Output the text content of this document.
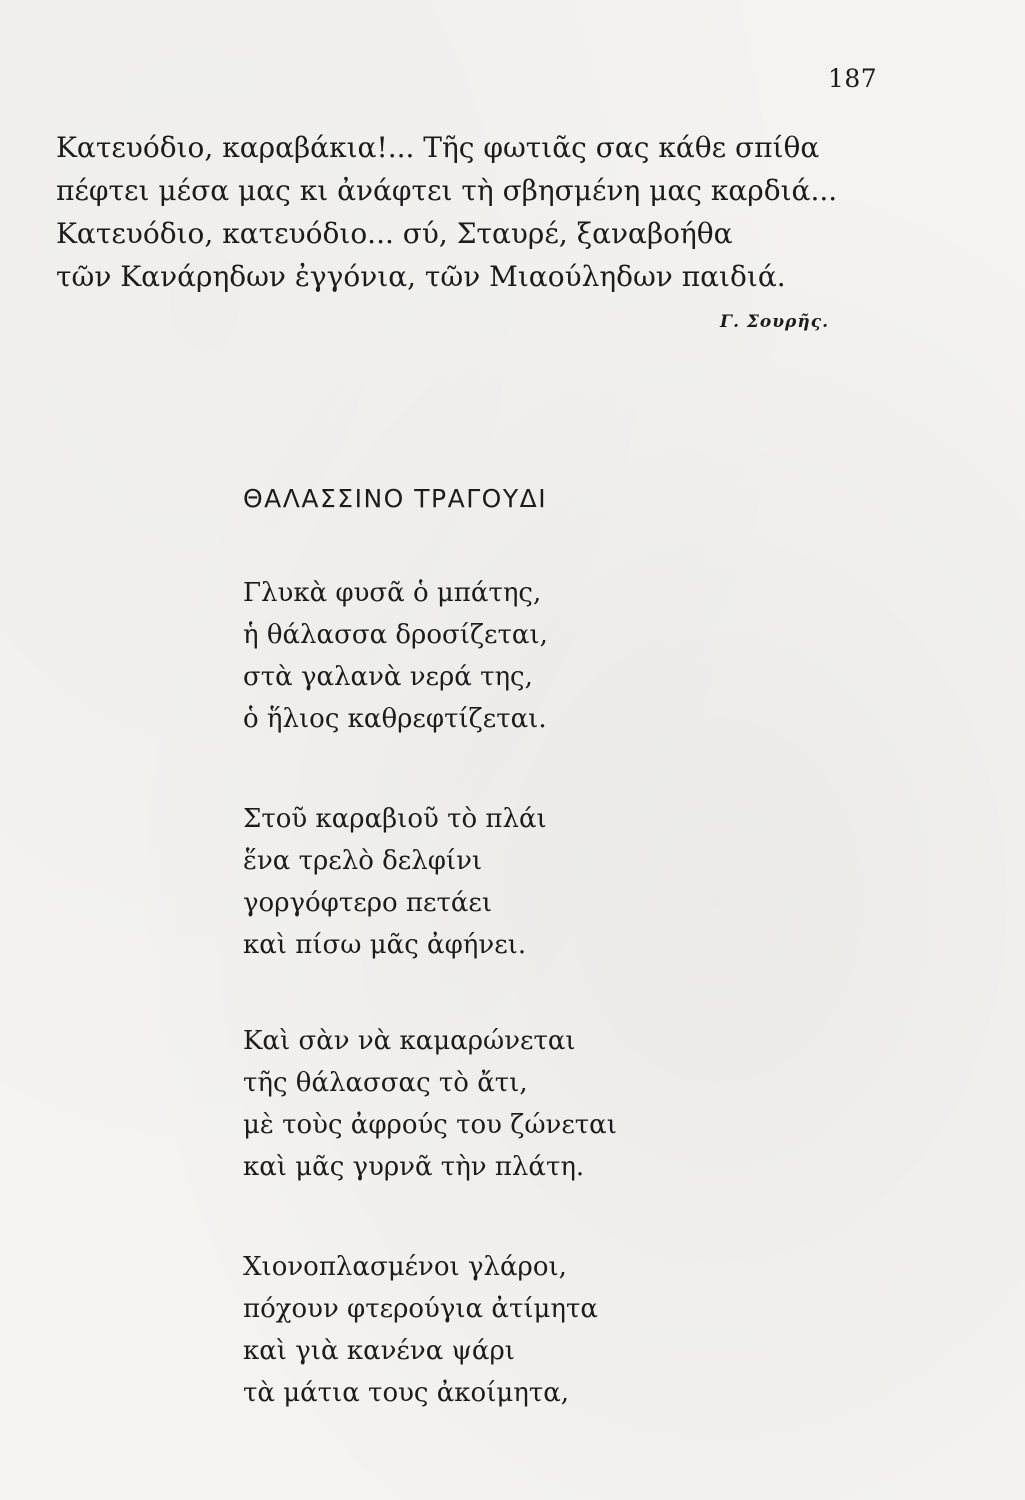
187
Κατευόδιο, καραβάκια!... Τῆς φωτιᾶς σας κάθε σπίθα
πέφτει μέσα μας κι ἀνάφτει τὴ σβησμένη μας καρδιά...
Κατευόδιο, κατευόδιο... σύ, Σταυρέ, ξαναβοήθα
τῶν Κανάρηδων ἐγγόνια, τῶν Μιαούληδων παιδιά.
Γ. Σουρῆς.
ΘΑΛΑΣΣΙΝΟ ΤΡΑΓΟΥΔΙ
Γλυκὰ φυσᾶ ὁ μπάτης,
ἡ θάλασσα δροσίζεται,
στὰ γαλανὰ νερά της,
ὁ ἥλιος καθρεφτίζεται.
Στοῦ καραβιοῦ τὸ πλάι
ἕνα τρελὸ δελφίνι
γοργόφτερο πετάει
καὶ πίσω μᾶς ἀφήνει.
Καὶ σὰν νὰ καμαρώνεται
τῆς θάλασσας τὸ ἄτι,
μὲ τοὺς ἀφρούς του ζώνεται
καὶ μᾶς γυρνᾶ τὴν πλάτη.
Χιονοπλασμένοι γλάροι,
πόχουν φτερούγια ἀτίμητα
καὶ γιὰ κανένα ψάρι
τὰ μάτια τους ἀκοίμητα,
